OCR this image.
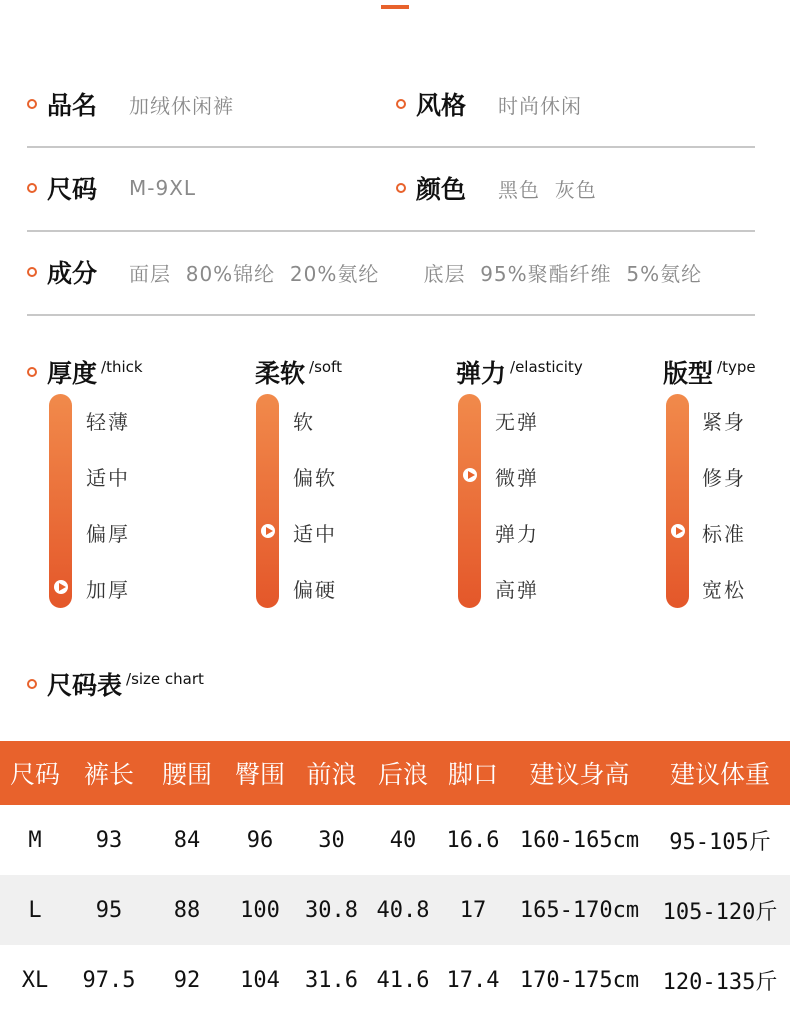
品名 加绒休闲裤	风格 时尚休闲
尺码 M-9XL	颜色 黑色  灰色
成分 面层  80%锦纶  20%氨纶      底层  95%聚酯纤维  5%氨纶
厚度 /thick
轻薄
适中
偏厚
加厚
柔软 /soft
软
偏软
适中
偏硬
弹力 /elasticity
无弹
微弹
弹力
高弹
版型 /type
紧身
修身
标准
宽松
尺码表 /size chart
尺码	裤长	腰围	臀围	前浪	后浪	脚口	建议身高	建议体重
M	93	84	96	30	40	16.6	160-165cm	95-105斤
L	95	88	100	30.8	40.8	17	165-170cm	105-120斤
XL	97.5	92	104	31.6	41.6	17.4	170-175cm	120-135斤
